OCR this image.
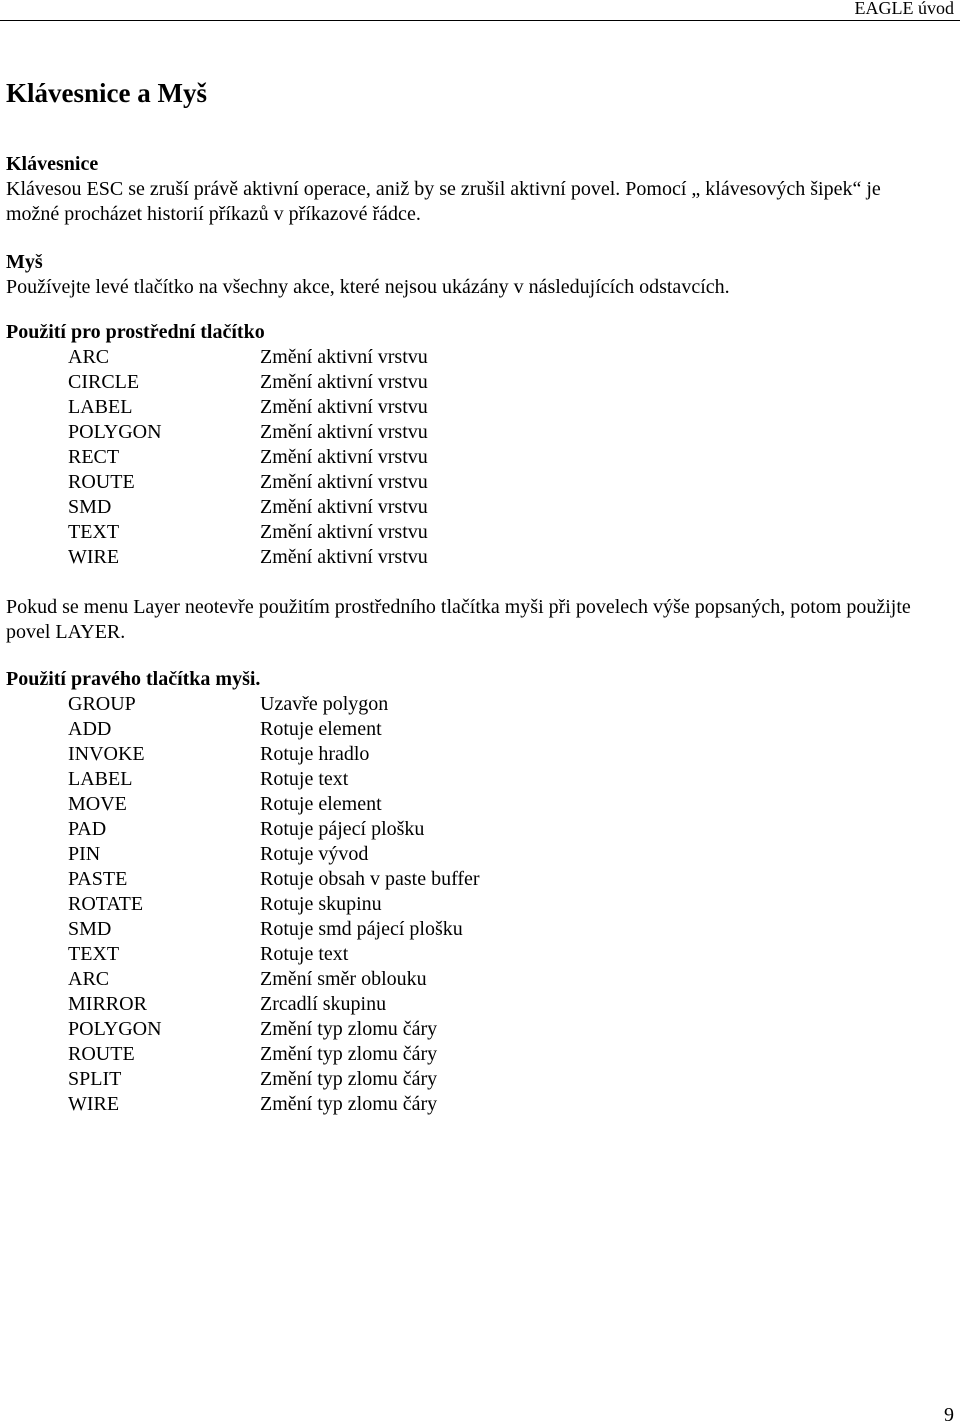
EAGLE úvod
Klávesnice a Myš
Klávesnice
Klávesou ESC se zruší právě aktivní operace, aniž by se zrušil aktivní povel. Pomocí „ klávesových šipek“ je možné procházet historií příkazů v příkazové řádce.
Myš
Používejte levé tlačítko na všechny akce, které nejsou ukázány v následujících odstavcích.
Použití pro prostřední tlačítko
ARC	Změní aktivní vrstvu
CIRCLE	Změní aktivní vrstvu
LABEL	Změní aktivní vrstvu
POLYGON	Změní aktivní vrstvu
RECT	Změní aktivní vrstvu
ROUTE	Změní aktivní vrstvu
SMD	Změní aktivní vrstvu
TEXT	Změní aktivní vrstvu
WIRE	Změní aktivní vrstvu
Pokud se menu Layer neotevře použitím prostředního tlačítka myši při povelech výše popsaných, potom použijte povel LAYER.
Použití pravého tlačítka myši.
GROUP	Uzavře polygon
ADD	Rotuje element
INVOKE	Rotuje hradlo
LABEL	Rotuje text
MOVE	Rotuje element
PAD	Rotuje pájecí plošku
PIN	Rotuje vývod
PASTE	Rotuje obsah v paste buffer
ROTATE	Rotuje skupinu
SMD	Rotuje smd pájecí plošku
TEXT	Rotuje text
ARC	Změní směr oblouku
MIRROR	Zrcadlí skupinu
POLYGON	Změní typ zlomu čáry
ROUTE	Změní typ zlomu čáry
SPLIT	Změní typ zlomu čáry
WIRE	Změní typ zlomu čáry
9
